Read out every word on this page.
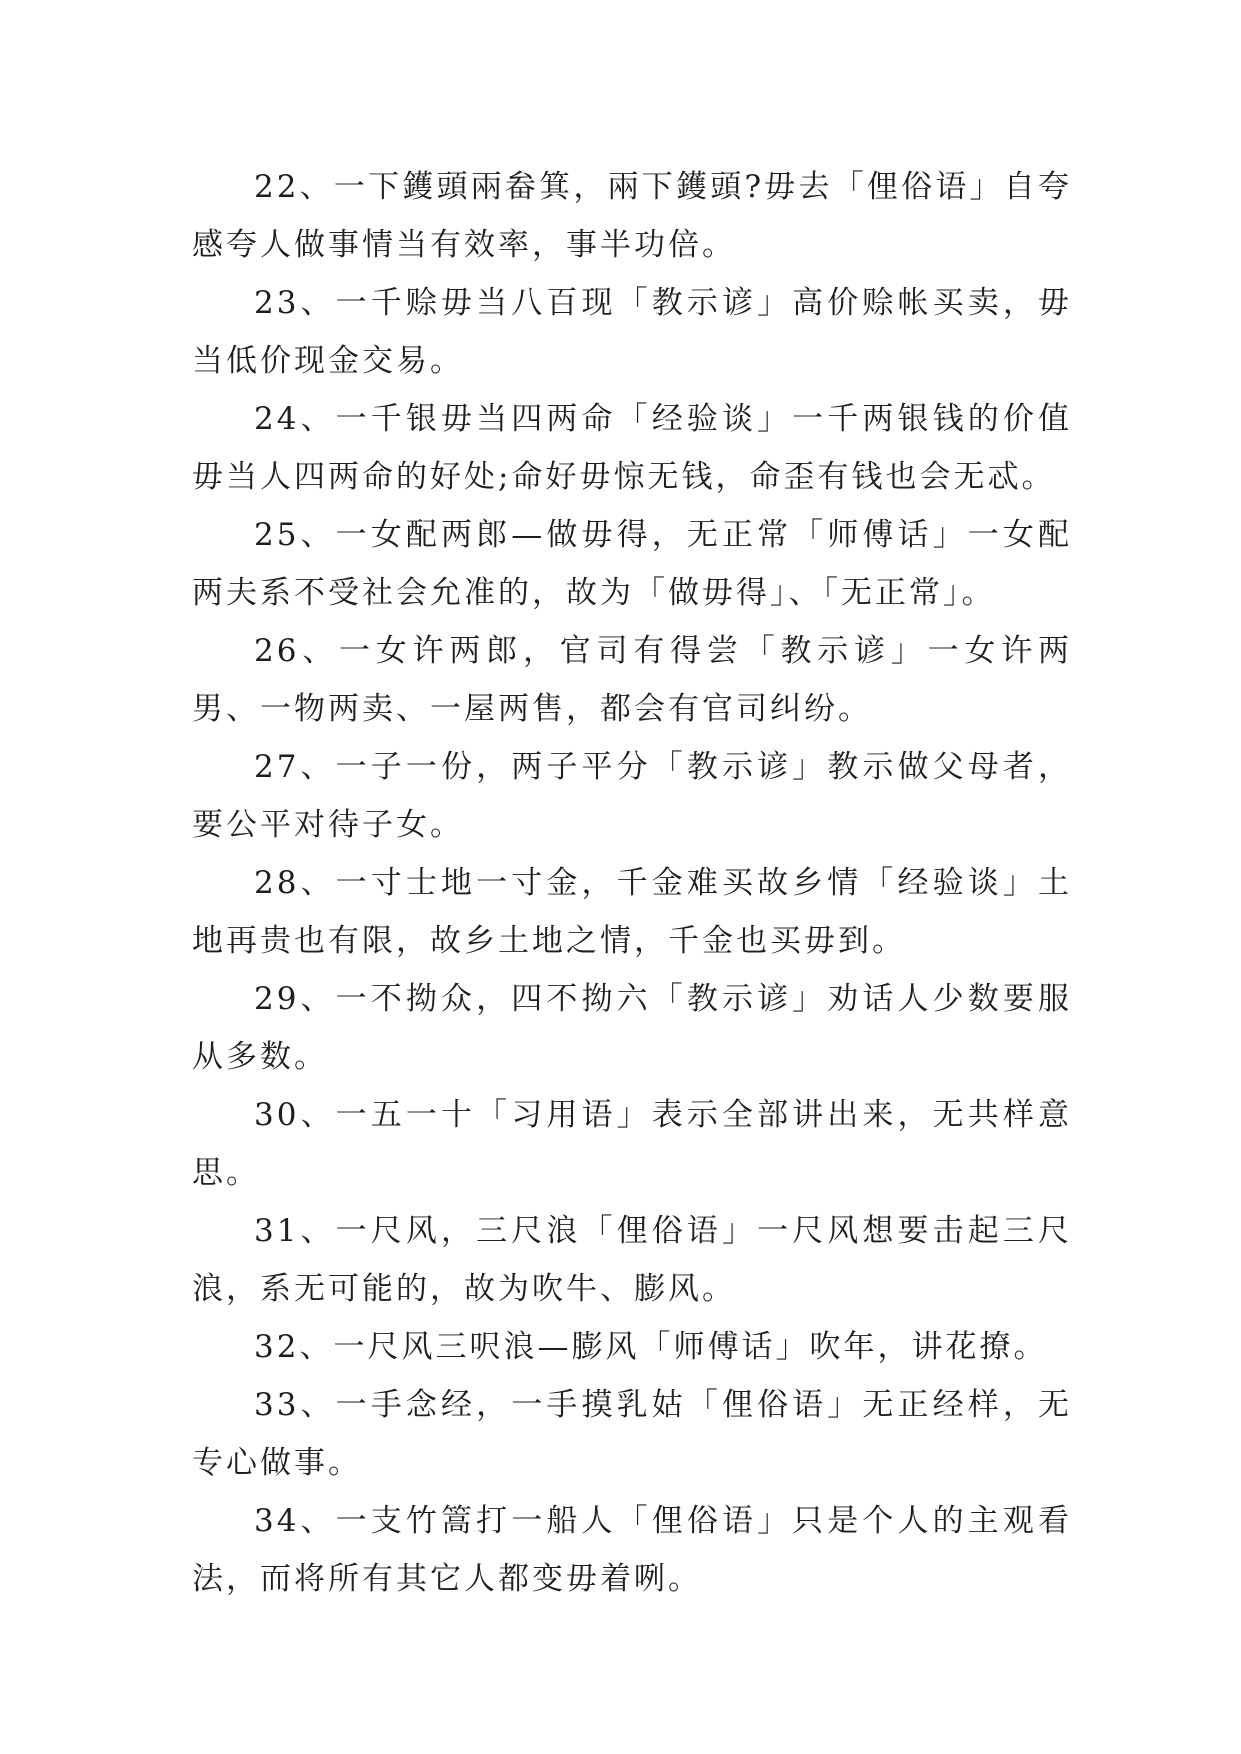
22、一下鑊頭兩畚箕，兩下鑊頭?毋去「俚俗语」自夸感夸人做事情当有效率，事半功倍。

23、一千赊毋当八百现「教示谚」高价赊帐买卖，毋当低价现金交易。

24、一千银毋当四两命「经验谈」一千两银钱的价值毋当人四两命的好处;命好毋惊无钱，命歪有钱也会无忒。

25、一女配两郎—做毋得，无正常「师傅话」一女配两夫系不受社会允准的，故为「做毋得」、「无正常」。

26、一女许两郎，官司有得尝「教示谚」一女许两男、一物两卖、一屋两售，都会有官司纠纷。

27、一子一份，两子平分「教示谚」教示做父母者，要公平对待子女。

28、一寸士地一寸金，千金难买故乡情「经验谈」土地再贵也有限，故乡土地之情，千金也买毋到。

29、一不拗众，四不拗六「教示谚」劝话人少数要服从多数。

30、一五一十「习用语」表示全部讲出来，无共样意思。

31、一尺风，三尺浪「俚俗语」一尺风想要击起三尺浪，系无可能的，故为吹牛、膨风。

32、一尺风三呎浪—膨风「师傅话」吹年，讲花撩。

33、一手念经，一手摸乳姑「俚俗语」无正经样，无专心做事。

34、一支竹篙打一船人「俚俗语」只是个人的主观看法，而将所有其它人都变毋着咧。
